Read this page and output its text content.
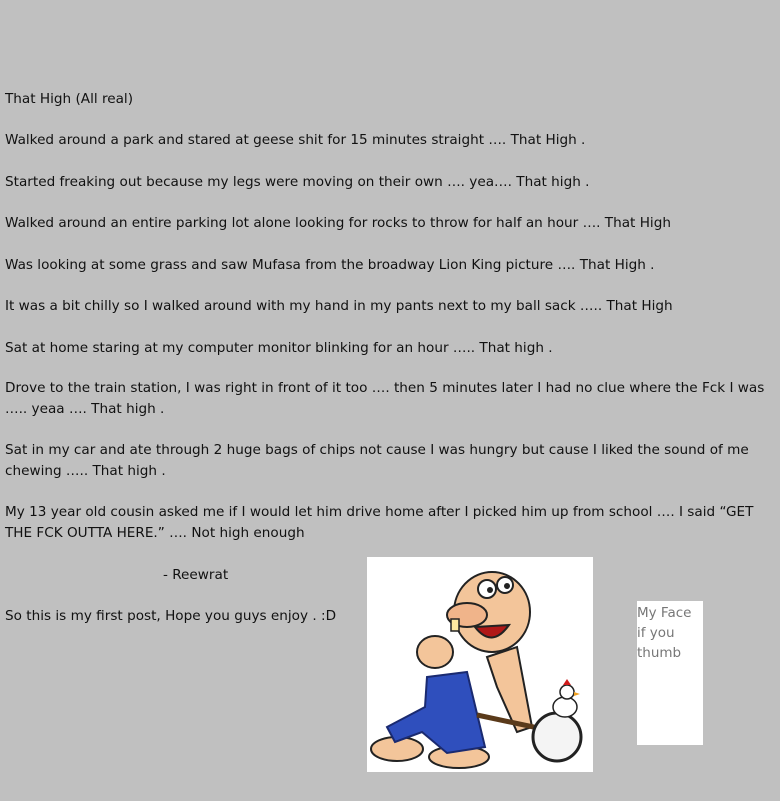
That High (All real)
Walked around a park and stared at geese shit for 15 minutes straight …. That High .
Started freaking out because my legs were moving on their own …. yea…. That high .
Walked around an entire parking lot alone looking for rocks to throw for half an hour …. That High
Was looking at some grass and saw Mufasa from the broadway Lion King picture …. That High .
It was a bit chilly so I walked around with my hand in my pants next to my ball sack ….. That High
Sat at home staring at my computer monitor blinking for an hour ….. That high .
Drove to the train station, I was right in front of it too …. then 5 minutes later I had no clue where the Fck I was ….. yeaa …. That high .
Sat in my car and ate through 2 huge bags of chips not cause I was hungry but cause I liked the sound of me chewing ….. That high .
My 13 year old cousin asked me if I would let him drive home after I picked him up from school …. I said “GET THE FCK OUTTA HERE.” …. Not high enough
- Reewrat
So this is my first post, Hope you guys enjoy . :D	My Face
if you
thumb
